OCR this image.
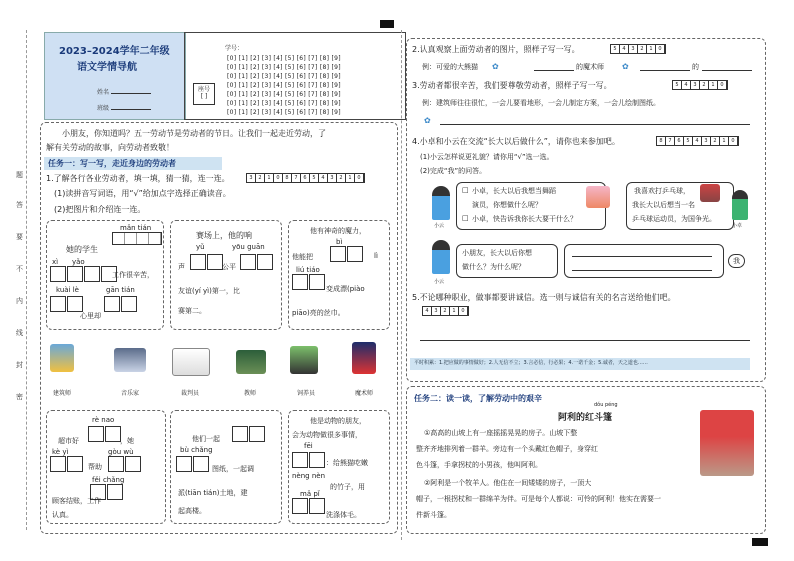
题
答
要
不
内
线
封
密
2023–2024学年二年级
语文学情导航
姓名
班级
座号
[ ]
学号：
[0] [1] [2] [3] [4] [5] [6] [7] [8] [9]
[0] [1] [2] [3] [4] [5] [6] [7] [8] [9]
[0] [1] [2] [3] [4] [5] [6] [7] [8] [9]
[0] [1] [2] [3] [4] [5] [6] [7] [8] [9]
[0] [1] [2] [3] [4] [5] [6] [7] [8] [9]
[0] [1] [2] [3] [4] [5] [6] [7] [8] [9]
[0] [1] [2] [3] [4] [5] [6] [7] [8] [9]
小朋友，你知道吗？五一劳动节是劳动者的节日。让我们一起走近劳动，了
解有关劳动的故事，向劳动者致敬！
任务一：写一写，走近身边的劳动者
1.了解各行各业劳动者，填一填，猜一猜，连一连。	3	2	1	0	8	7	6	5	4	3	2	1	0
(1)读拼音写词语，用“√”给加点字选择正确读音。
(2)把图片和介绍连一连。
mǎn tián
她的学生
xì yǎo
工作很辛苦，
kuài lè	gān tián
心里却
赛场上，他的响
yǔ	yōu guān
声	公平
友谊(yí yì)第一，比
赛第二。
他有神奇的魔力，
bì
他能把	lì
liú tiáo
变成漂(piào
piāo)亮的丝巾。
建筑师	音乐家	裁判员	教师	饲养员	魔术师
rè nao
超市好	，她
kè yì	gòu wù
帮助
fěi chǎng
顾客结账，工作
认真。
他们一起
bù chǎng
图纸，一起调
派(tiān tián)土地，建
起高楼。
他是动物的朋友，
会为动物做很多事情，
fēi
：给熊猫吃嫩
nèng nèn
的竹子，用
mǎ pǐ
洗涤体毛。
2.认真观察上面劳动者的图片，照样子写一写。	5	4	3	2	1	0
例：可爱的大熊猫 ✿	的魔术师 ✿	的
3.劳动者都很辛苦，我们要尊敬劳动者，照样子写一写。	5	4	3	2	1	0
例：建筑师往往很忙，一会儿要看地形，一会儿制定方案，一会儿绘制图纸。
✿
4.小卓和小云在交流“长大以后做什么”，请你也来参加吧。	8	7	6	5	4	3	2	1	0
(1)小云怎样说更礼貌？请你用“√”选一选。
(2)完成“我”的问答。
小云
□ 小卓，长大以后我想当舞蹈
演员，你想做什么呢？
□ 小卓，快告诉我你长大要干什么？
我喜欢打乒乓球，
我长大以后想当一名
乒乓球运动员，为国争光。
小卓
小云
小朋友，长大以后你想
做什么？为什么呢？
我
5.不论哪种职业，做事都要讲诚信。选一则与诚信有关的名言送给他们吧。
4	3	2	1	0
平时积累：1.把应做的事情做好；2.人无信不立；3.言必信，行必果；4.一诺千金；5.诚者，天之道也……
任务二：读一读，了解劳动中的艰辛
dǒu péng
阿利的红斗篷
①高高的山坡上有一座摇摇晃晃的房子。山坡下整
整齐齐地排列着一群羊。旁边有一个头戴红色帽子，身穿红
色斗篷，手拿拐杖的小男孩，他叫阿利。
②阿利是一个牧羊人。他住在一间矮矮的房子，一顶大
帽子，一根拐杖和一群绵羊为伴。可是每个人都说：可怜的阿利！他实在需要一
件新斗篷。
